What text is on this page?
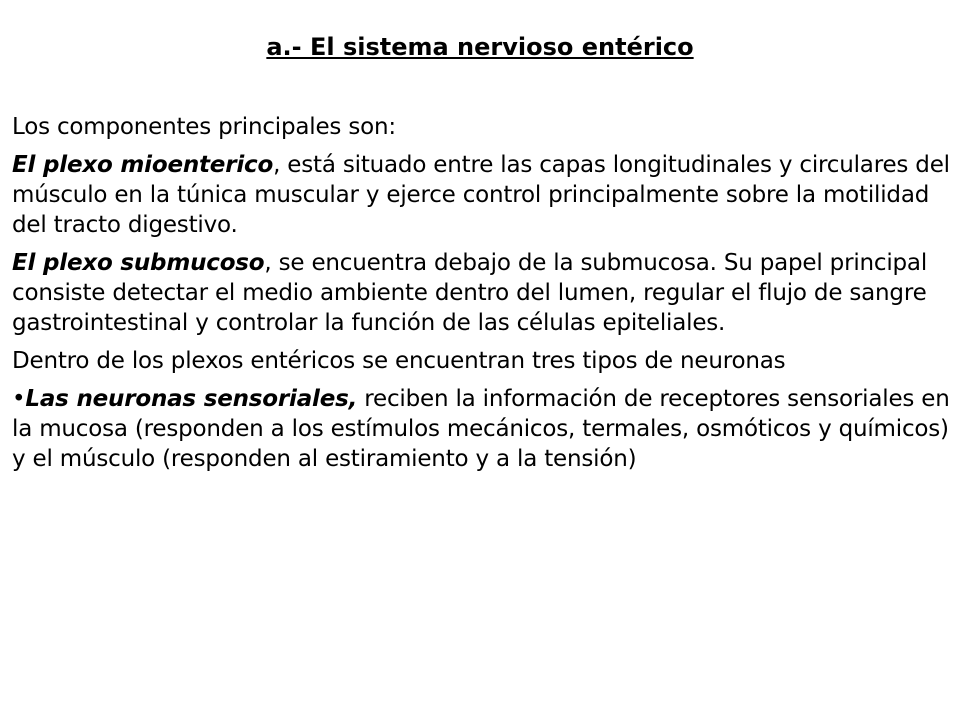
a.- El sistema nervioso entérico

Los componentes principales son:

El plexo mioenterico, está situado entre las capas longitudinales y circulares del músculo en la túnica muscular y ejerce control principalmente sobre la motilidad del tracto digestivo.

El plexo submucoso, se encuentra debajo de la submucosa. Su papel principal consiste detectar el medio ambiente dentro del lumen, regular el flujo de sangre gastrointestinal y controlar la función de las células epiteliales.

Dentro de los plexos entéricos se encuentran tres tipos de neuronas

•Las neuronas sensoriales, reciben la información de receptores sensoriales en la mucosa (responden a los estímulos mecánicos, termales, osmóticos y químicos) y el músculo (responden al estiramiento y a la tensión)
